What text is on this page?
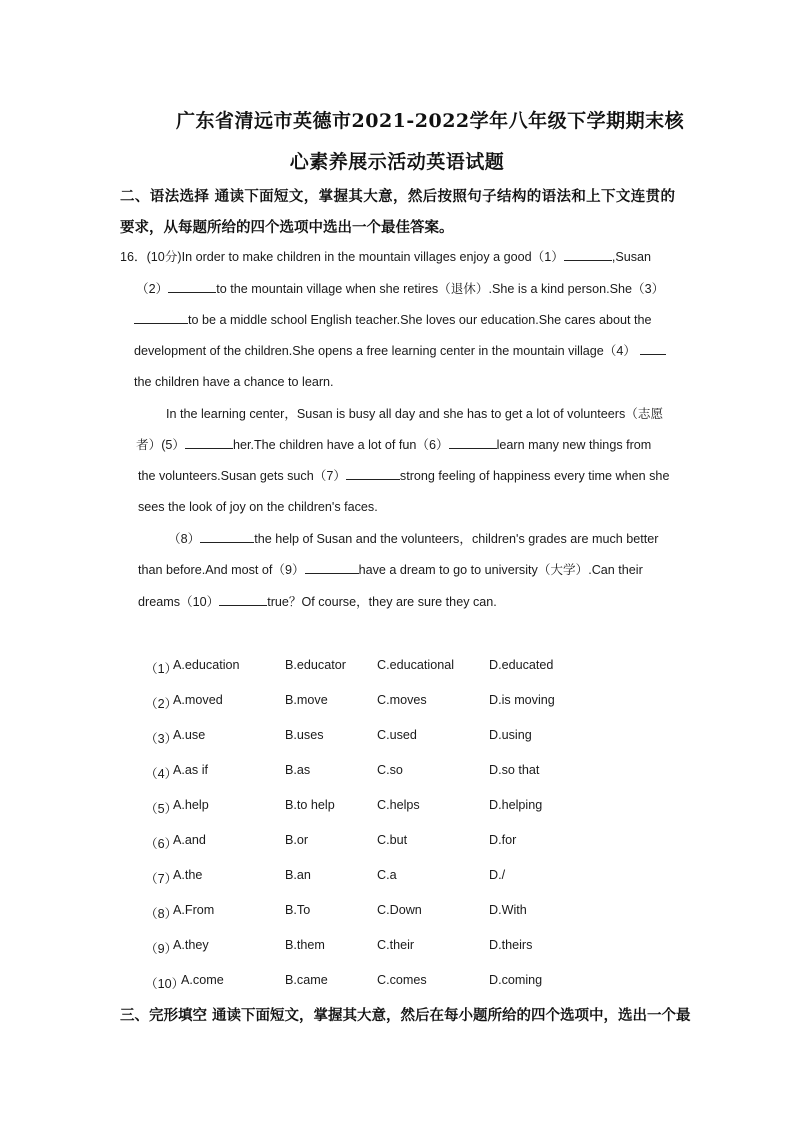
广东省清远市英德市2021-2022学年八年级下学期期末核
心素养展示活动英语试题
二、语法选择 通读下面短文，掌握其大意，然后按照句子结构的语法和上下文连贯的要求，从每题所给的四个选项中选出一个最佳答案。
16．(10分)In order to make children in the mountain villages enjoy a good（1）	,Susan
（2）	to the mountain village when she retires（退休）.She is a kind person.She（3）
to be a middle school English teacher.She loves our education.She cares about the
development of the children.She opens a free learning center in the mountain village（4）
the children have a chance to learn.
In the learning center，Susan is busy all day and she has to get a lot of volunteers（志愿
者）(5）	her.The children have a lot of fun（6）	learn many new things from
the volunteers.Susan gets such（7）	strong feeling of happiness every time when she
sees the look of joy on the children's faces.
（8）	the help of Susan and the volunteers，children's grades are much better
than before.And most of（9）	have a dream to go to university（大学）.Can their
dreams（10）	true？Of course，they are sure they can.
（1）
A.education	B.educator C.educational	D.educated
（2）
A.moved	B.move	C.moves	D.is moving
（3）
A.use	B.uses	C.used	D.using
（4）
A.as if	B.as	C.so	D.so that
（5）
A.help	B.to help	C.helps	D.helping
（6）
A.and	B.or	C.but	D.for
（7）
A.the	B.an	C.a	D./
（8）
A.From	B.To	C.Down	D.With
（9）
A.they	B.them	C.their	D.theirs
（10）
A.come	B.came	C.comes	D.coming
三、完形填空 通读下面短文，掌握其大意，然后在每小题所给的四个选项中，选出一个最
